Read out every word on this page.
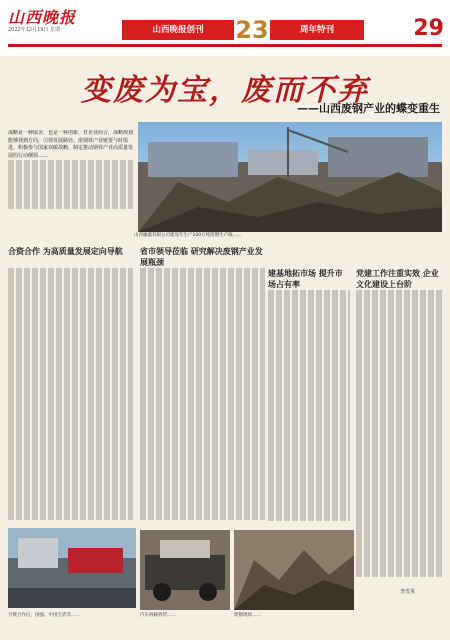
山西晚报
2022年12月19日 星期一	山西晚报创刊	23	周年特刊	29
变废为宝，废而不弃
——山西废钢产业的蝶变重生
战略是一种取舍，也是一种创新，对企业而言，战略规划能够找到方向，引领发展路径。废钢铁产业链要与时俱进，积极参与国家双碳战略，制定推动钢铁产业高质量发展的行动纲领……
山西廉鑫有限公司建设年生产100万吨废钢生产线……
合资合作 为高质量发展定向导航	省市领导莅临 研究解决废钢产业发展瓶颈
建基地拓市场 提升市场占有率
党建工作注重实效 企业文化建设上台阶
李雪英
合资合作后，国强、中国宝武等……	汽车拆解拆装……	废钢现场……
